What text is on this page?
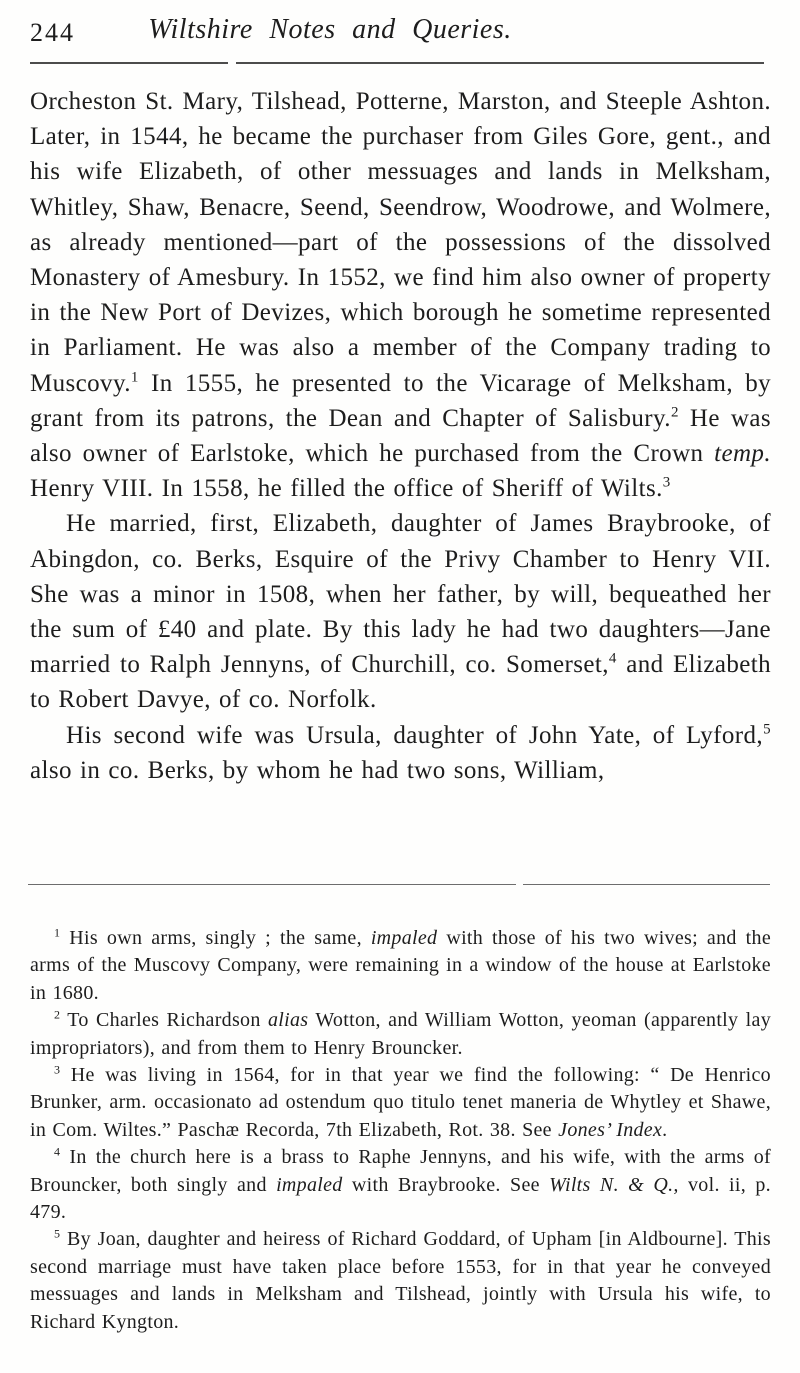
244	Wiltshire Notes and Queries.

Orcheston St. Mary, Tilshead, Potterne, Marston, and Steeple Ashton. Later, in 1544, he became the purchaser from Giles Gore, gent., and his wife Elizabeth, of other messuages and lands in Melksham, Whitley, Shaw, Benacre, Seend, Seendrow, Woodrowe, and Wolmere, as already mentioned—part of the possessions of the dissolved Monastery of Amesbury. In 1552, we find him also owner of property in the New Port of Devizes, which borough he sometime represented in Parliament. He was also a member of the Company trading to Muscovy.$^1$ In 1555, he presented to the Vicarage of Melksham, by grant from its patrons, the Dean and Chapter of Salisbury.$^2$ He was also owner of Earlstoke, which he purchased from the Crown temp. Henry VIII. In 1558, he filled the office of Sheriff of Wilts.$^3$

He married, first, Elizabeth, daughter of James Braybrooke, of Abingdon, co. Berks, Esquire of the Privy Chamber to Henry VII. She was a minor in 1508, when her father, by will, bequeathed her the sum of £40 and plate. By this lady he had two daughters—Jane married to Ralph Jennyns, of Churchill, co. Somerset,$^4$ and Elizabeth to Robert Davye, of co. Norfolk.

His second wife was Ursula, daughter of John Yate, of Lyford,$^5$ also in co. Berks, by whom he had two sons, William,

$^1$ His own arms, singly ; the same, impaled with those of his two wives; and the arms of the Muscovy Company, were remaining in a window of the house at Earlstoke in 1680.

$^2$ To Charles Richardson alias Wotton, and William Wotton, yeoman (apparently lay impropriators), and from them to Henry Brouncker.

$^3$ He was living in 1564, for in that year we find the following: “ De Henrico Brunker, arm. occasionato ad ostendum quo titulo tenet maneria de Whytley et Shawe, in Com. Wiltes.” Paschæ Recorda, 7th Elizabeth, Rot. 38. See Jones’ Index.

$^4$ In the church here is a brass to Raphe Jennyns, and his wife, with the arms of Brouncker, both singly and impaled with Braybrooke. See Wilts N. & Q., vol. ii, p. 479.

$^5$ By Joan, daughter and heiress of Richard Goddard, of Upham [in Aldbourne]. This second marriage must have taken place before 1553, for in that year he conveyed messuages and lands in Melksham and Tilshead, jointly with Ursula his wife, to Richard Kyngton.
